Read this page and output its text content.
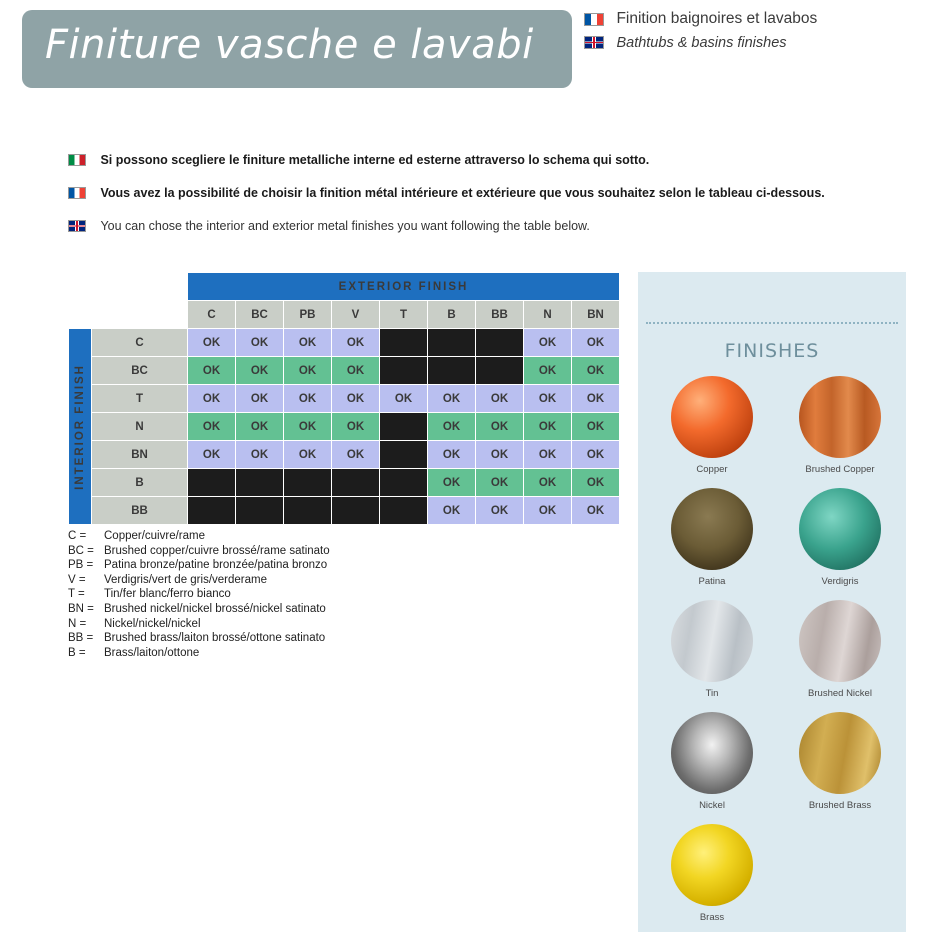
Finiture vasche e lavabi
Finition baignoires et lavabos
Bathtubs & basins finishes
Si possono scegliere le finiture metalliche interne ed esterne attraverso lo schema qui sotto.
Vous avez la possibilité de choisir la finition métal intérieure et extérieure que vous souhaitez selon le tableau ci-dessous.
You can chose the interior and exterior metal finishes you want following the table below.
		EXTERIOR FINISH								
		C	BC	PB	V	T	B	BB	N	BN

INTERIOR FINISH	C	OK	OK	OK	OK				OK	OK
	BC	OK	OK	OK	OK				OK	OK
	T	OK	OK	OK	OK	OK	OK	OK	OK	OK
	N	OK	OK	OK	OK		OK	OK	OK	OK
	BN	OK	OK	OK	OK		OK	OK	OK	OK
	B						OK	OK	OK	OK
	BB						OK	OK	OK	OK
C = Copper/cuivre/rame
BC = Brushed copper/cuivre brossé/rame satinato
PB = Patina bronze/patine bronzée/patina bronzo
V = Verdigris/vert de gris/verderame
T = Tin/fer blanc/ferro bianco
BN = Brushed nickel/nickel brossé/nickel satinato
N = Nickel/nickel/nickel
BB = Brushed brass/laiton brossé/ottone satinato
B = Brass/laiton/ottone
FINISHES
Copper	Brushed Copper
Patina	Verdigris
Tin	Brushed Nickel
Nickel	Brushed Brass
Brass
